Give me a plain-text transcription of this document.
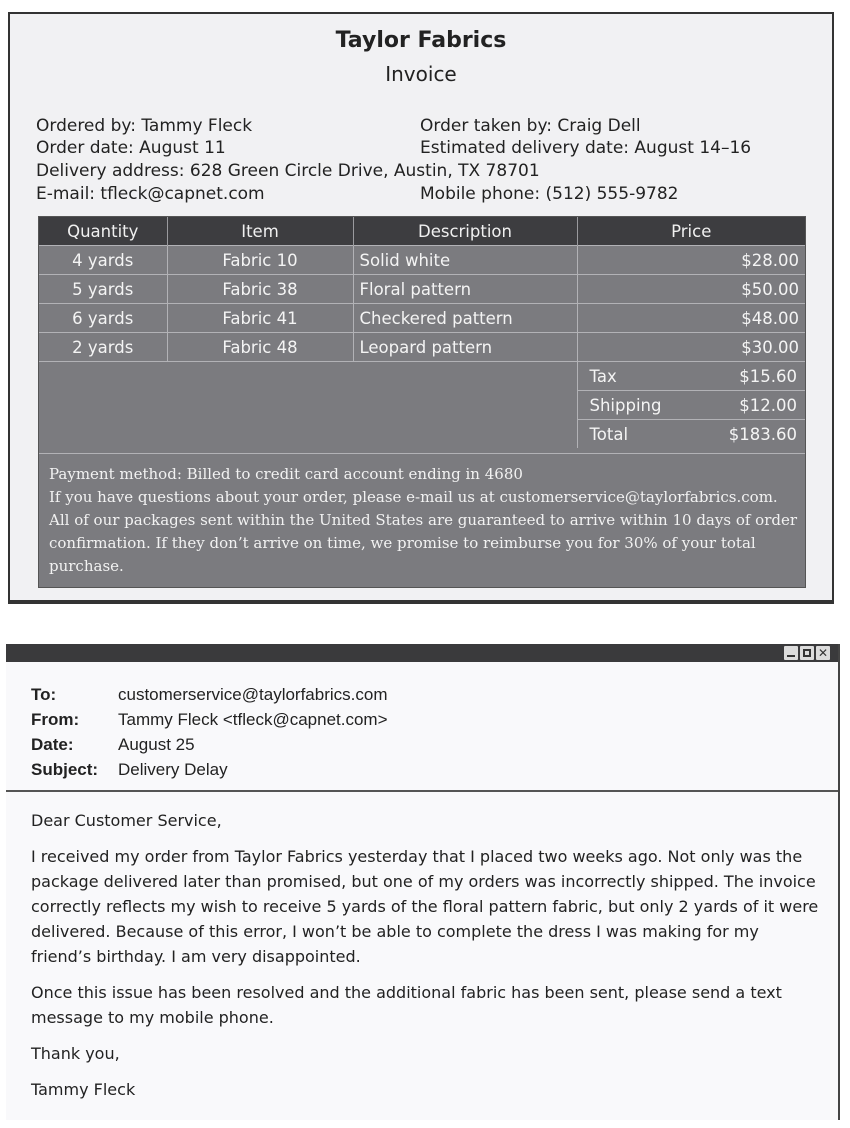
Taylor Fabrics
Invoice
Ordered by: Tammy Fleck	Order taken by: Craig Dell
Order date: August 11	Estimated delivery date: August 14–16
Delivery address: 628 Green Circle Drive, Austin, TX 78701
E-mail: tfleck@capnet.com	Mobile phone: (512) 555-9782
Quantity	Item	Description	Price
4 yards	Fabric 10	Solid white	$28.00
5 yards	Fabric 38	Floral pattern	$50.00
6 yards	Fabric 41	Checkered pattern	$48.00
2 yards	Fabric 48	Leopard pattern	$30.00

			Tax $15.60

			Shipping $12.00

			Total $183.60
Payment method: Billed to credit card account ending in 4680
If you have questions about your order, please e-mail us at customerservice@taylorfabrics.com.
All of our packages sent within the United States are guaranteed to arrive within 10 days of order confirmation. If they don’t arrive on time, we promise to reimburse you for 30% of your total purchase.
✕
To:	customerservice@taylorfabrics.com
From: Tammy Fleck <tfleck@capnet.com>
Date:	August 25
Subject: Delivery Delay

Dear Customer Service,

I received my order from Taylor Fabrics yesterday that I placed two weeks ago. Not only was the package delivered later than promised, but one of my orders was incorrectly shipped. The invoice correctly reflects my wish to receive 5 yards of the floral pattern fabric, but only 2 yards of it were delivered. Because of this error, I won’t be able to complete the dress I was making for my friend’s birthday. I am very disappointed.

Once this issue has been resolved and the additional fabric has been sent, please send a text message to my mobile phone.

Thank you,

Tammy Fleck
